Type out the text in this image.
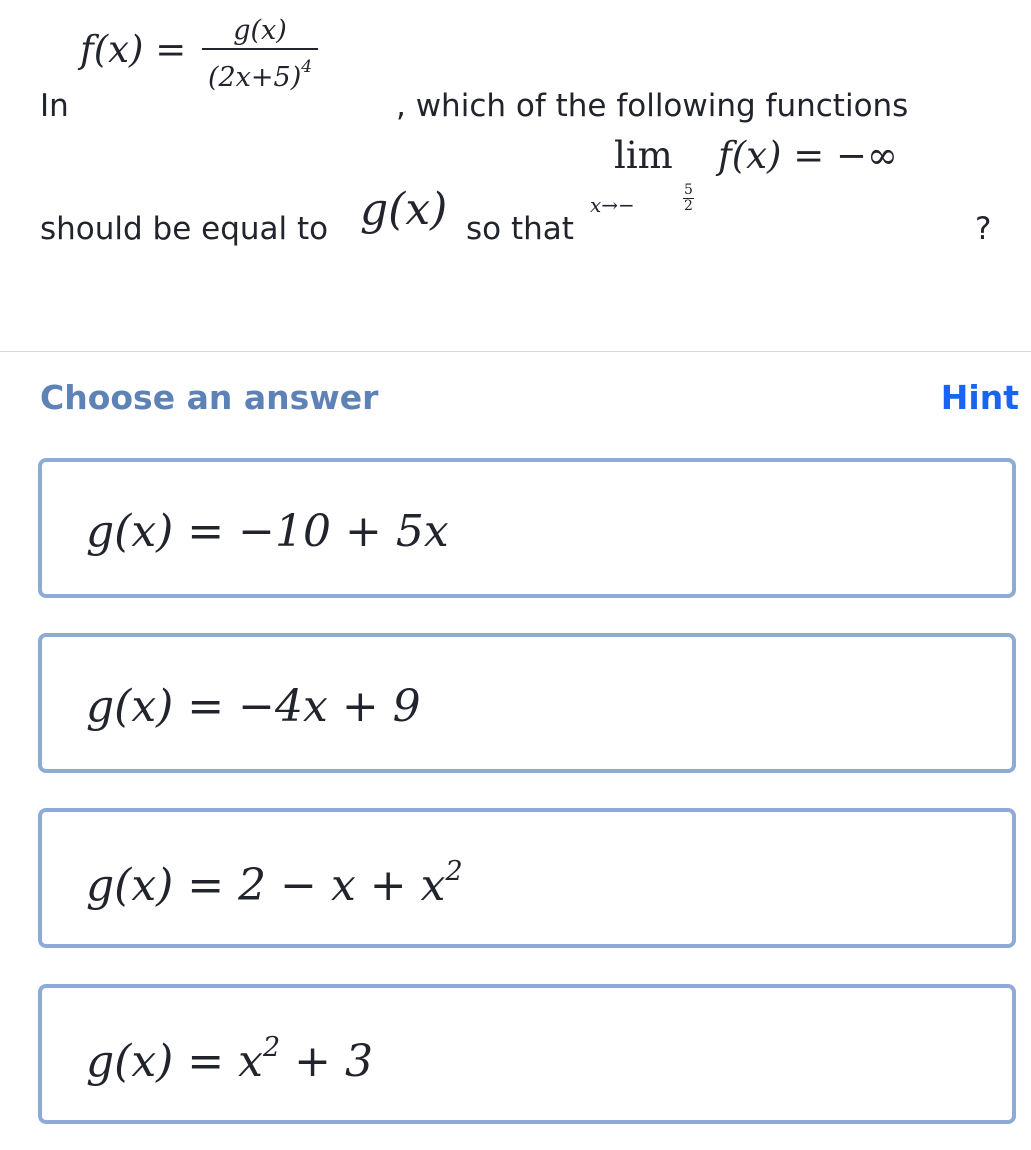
In
$f(x) = \frac{g(x)}{(2x+5)^4}$
, which of the following functions
should be equal to g(x) so that
lim
x→−
5
2
f(x) = −∞
?
Choose an answer	Hint
g(x) = −10 + 5x
g(x) = −4x + 9
$g(x) = 2 - x + x^2$
$g(x) = x^2 + 3$
